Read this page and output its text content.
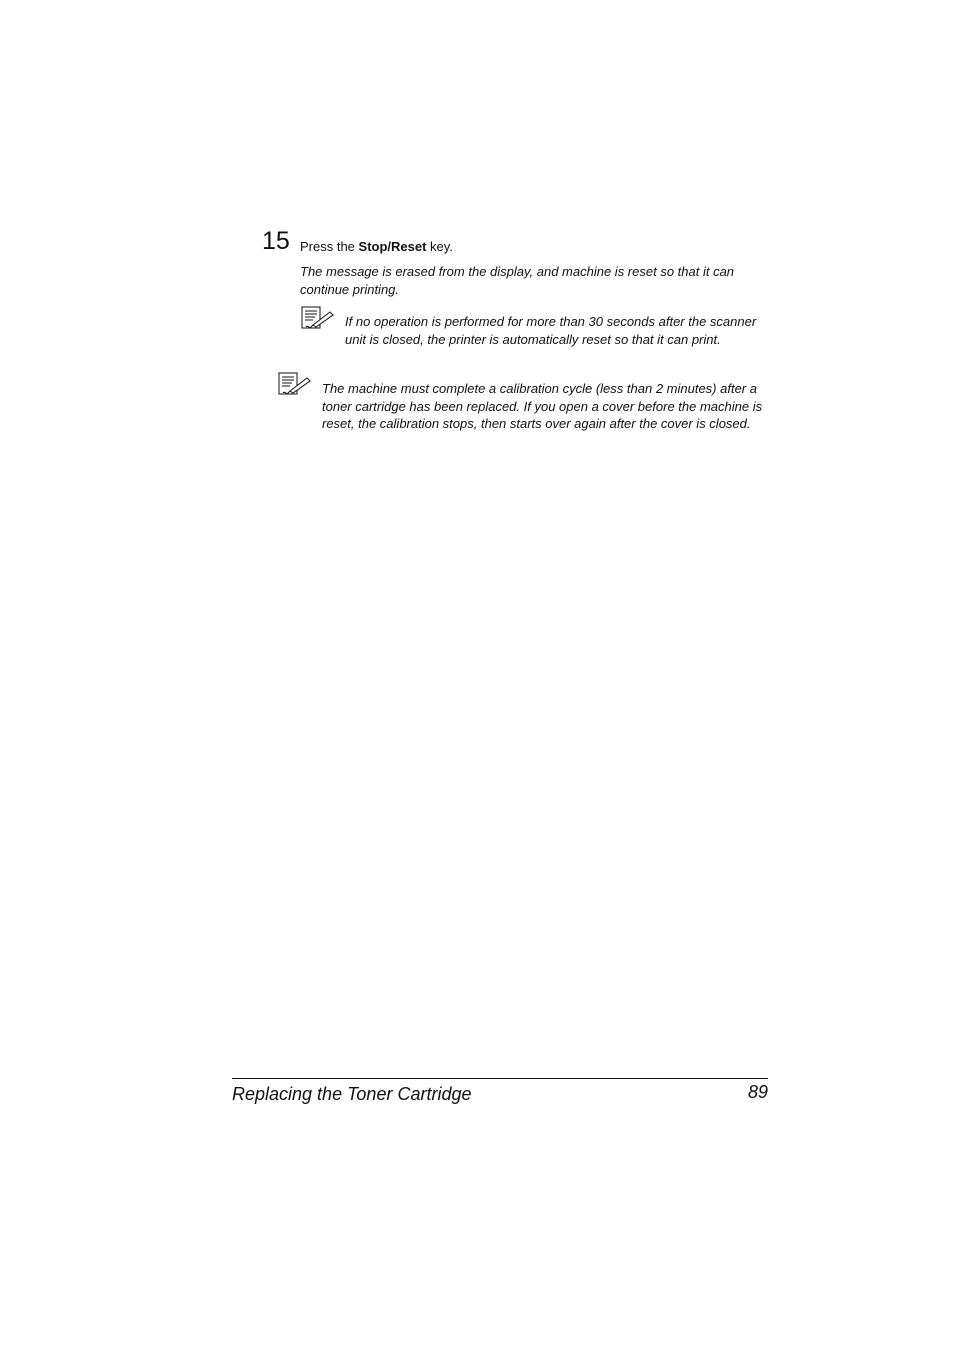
15 Press the Stop/Reset key.
The message is erased from the display, and machine is reset so that it can continue printing.
If no operation is performed for more than 30 seconds after the scanner unit is closed, the printer is automatically reset so that it can print.
The machine must complete a calibration cycle (less than 2 minutes) after a toner cartridge has been replaced. If you open a cover before the machine is reset, the calibration stops, then starts over again after the cover is closed.
Replacing the Toner Cartridge	89
